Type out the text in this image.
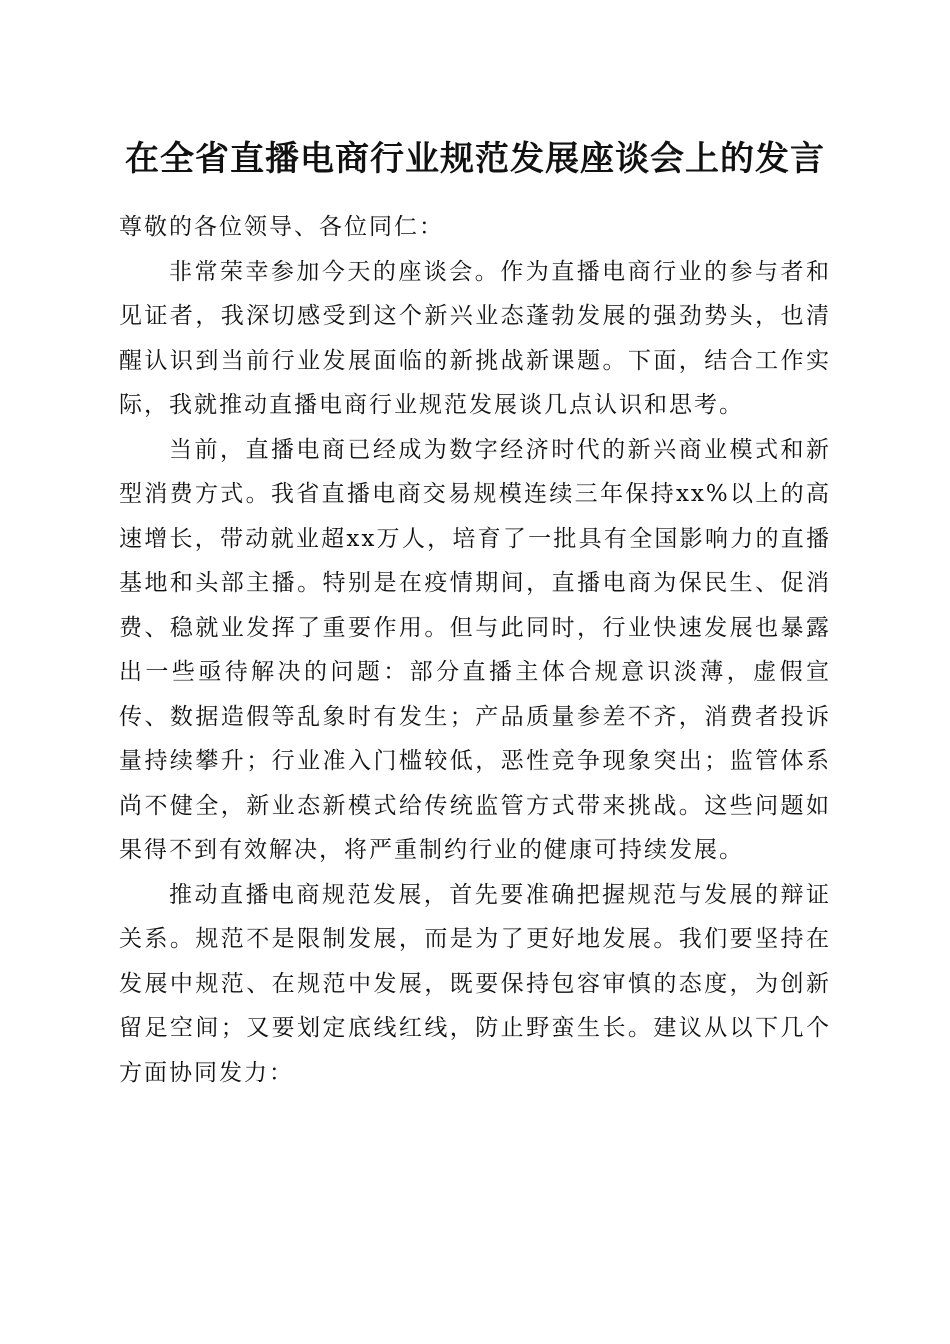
在全省直播电商行业规范发展座谈会上的发言

尊敬的各位领导、各位同仁：

非常荣幸参加今天的座谈会。作为直播电商行业的参与者和见证者，我深切感受到这个新兴业态蓬勃发展的强劲势头，也清醒认识到当前行业发展面临的新挑战新课题。下面，结合工作实际，我就推动直播电商行业规范发展谈几点认识和思考。

当前，直播电商已经成为数字经济时代的新兴商业模式和新型消费方式。我省直播电商交易规模连续三年保持xx%以上的高速增长，带动就业超xx万人，培育了一批具有全国影响力的直播基地和头部主播。特别是在疫情期间，直播电商为保民生、促消费、稳就业发挥了重要作用。但与此同时，行业快速发展也暴露出一些亟待解决的问题：部分直播主体合规意识淡薄，虚假宣传、数据造假等乱象时有发生；产品质量参差不齐，消费者投诉量持续攀升；行业准入门槛较低，恶性竞争现象突出；监管体系尚不健全，新业态新模式给传统监管方式带来挑战。这些问题如果得不到有效解决，将严重制约行业的健康可持续发展。

推动直播电商规范发展，首先要准确把握规范与发展的辩证关系。规范不是限制发展，而是为了更好地发展。我们要坚持在发展中规范、在规范中发展，既要保持包容审慎的态度，为创新留足空间；又要划定底线红线，防止野蛮生长。建议从以下几个方面协同发力：
